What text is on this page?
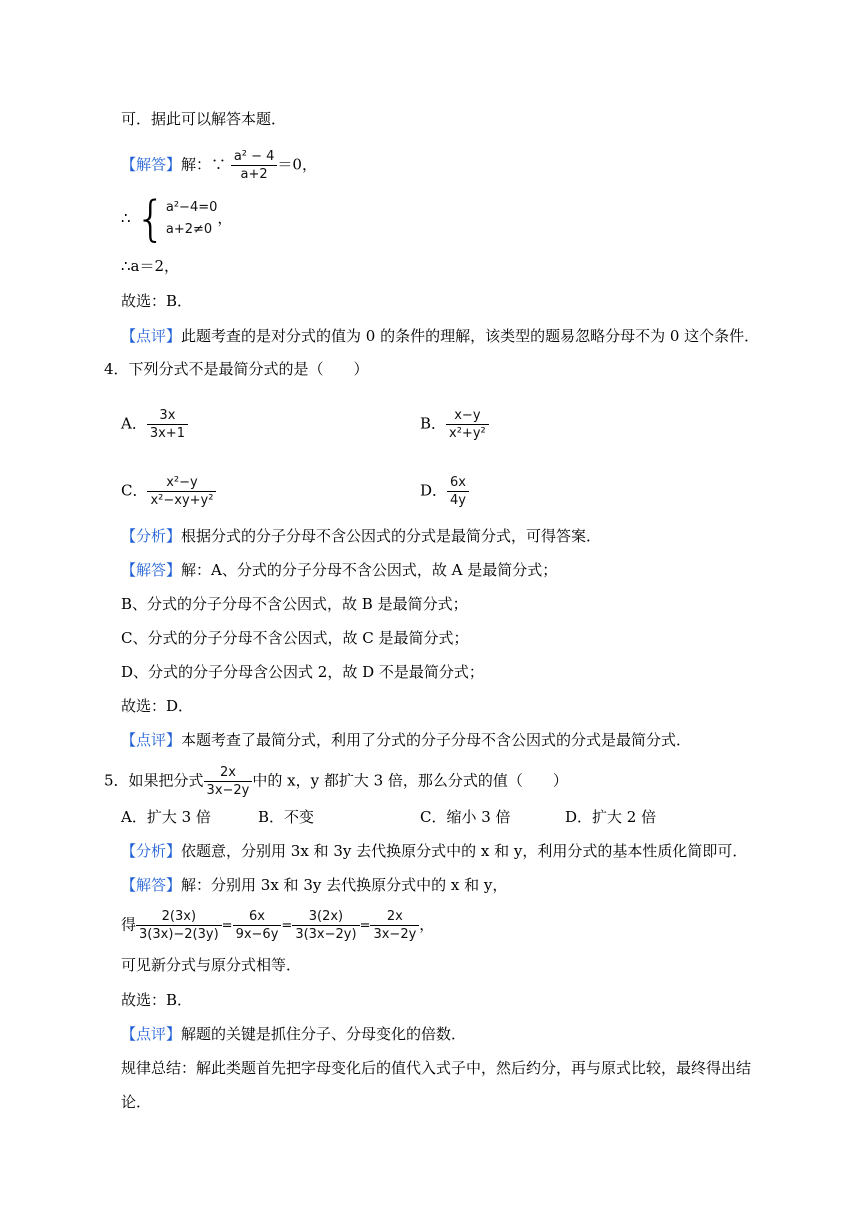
可．据此可以解答本题．
【解答】解：∵ $\frac{\text{a² − 4}}{a+2} =0$，
∴ { a²−4=0
a+2≠0
，
∴a＝2，
故选：B．
【点评】此题考查的是对分式的值为 0 的条件的理解，该类型的题易忽略分母不为 0 这个条件．
4．下列分式不是最简分式的是（　　）
A． $\frac{3x}{3x+1}$	B． $\frac{x-y}{\text{x²+y²}}$
C． $\frac{\text{x²−y}}{\text{x²−xy+y²}}$	D． $\frac{6x}{4y}$
【分析】根据分式的分子分母不含公因式的分式是最简分式，可得答案．
【解答】解：A、分式的分子分母不含公因式，故 A 是最简分式；
B、分式的分子分母不含公因式，故 B 是最简分式；
C、分式的分子分母不含公因式，故 C 是最简分式；
D、分式的分子分母含公因式 2，故 D 不是最简分式；
故选：D．
【点评】本题考查了最简分式，利用了分式的分子分母不含公因式的分式是最简分式．
5．如果把分式 $\frac{2x}{3x-2y}$ 中的 x，y 都扩大 3 倍，那么分式的值（　　）
A．扩大 3 倍	B．不变	C．缩小 3 倍	D．扩大 2 倍
【分析】依题意，分别用 3x 和 3y 去代换原分式中的 x 和 y，利用分式的基本性质化简即可．
【解答】解：分别用 3x 和 3y 去代换原分式中的 x 和 y，
得 $\frac{2(3x)}{3(3x)-2(3y)} = \frac{6x}{9x-6y} = \frac{3(2x)}{3(3x-2y)} = \frac{2x}{3x-2y}$ ，
可见新分式与原分式相等．
故选：B．
【点评】解题的关键是抓住分子、分母变化的倍数．
规律总结：解此类题首先把字母变化后的值代入式子中，然后约分，再与原式比较，最终得出结
论．
